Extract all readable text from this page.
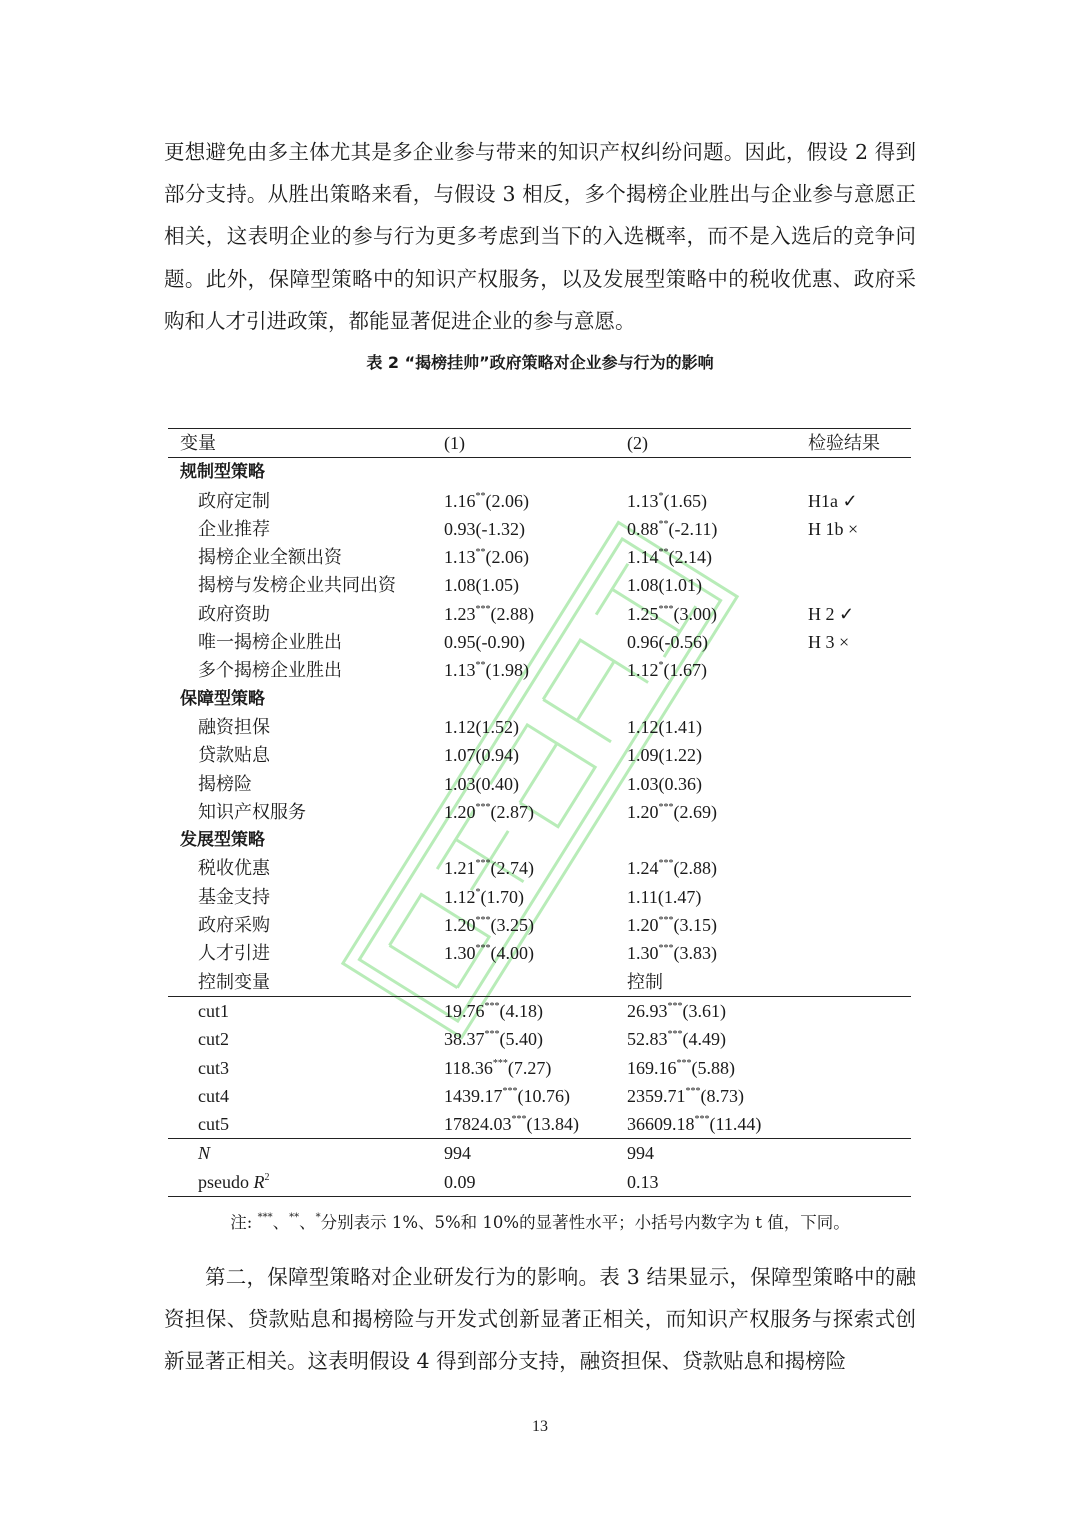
更想避免由多主体尤其是多企业参与带来的知识产权纠纷问题。因此，假设 2 得到部分支持。从胜出策略来看，与假设 3 相反，多个揭榜企业胜出与企业参与意愿正相关，这表明企业的参与行为更多考虑到当下的入选概率，而不是入选后的竞争问题。此外，保障型策略中的知识产权服务，以及发展型策略中的税收优惠、政府采购和人才引进政策，都能显著促进企业的参与意愿。
表 2 “揭榜挂帅”政府策略对企业参与行为的影响
变量	(1)	(2)	检验结果
规制型策略			
政府定制	1.16**(2.06)	1.13*(1.65)	H1a ✓
企业推荐	0.93(-1.32)	0.88**(-2.11)	H 1b ×
揭榜企业全额出资	1.13**(2.06)	1.14**(2.14)	
揭榜与发榜企业共同出资	1.08(1.05)	1.08(1.01)	
政府资助	1.23***(2.88)	1.25***(3.00)	H 2 ✓
唯一揭榜企业胜出	0.95(-0.90)	0.96(-0.56)	H 3 ×
多个揭榜企业胜出	1.13**(1.98)	1.12*(1.67)	
保障型策略			
融资担保	1.12(1.52)	1.12(1.41)	
贷款贴息	1.07(0.94)	1.09(1.22)	
揭榜险	1.03(0.40)	1.03(0.36)	
知识产权服务	1.20***(2.87)	1.20***(2.69)	
发展型策略			
税收优惠	1.21***(2.74)	1.24***(2.88)	
基金支持	1.12*(1.70)	1.11(1.47)	
政府采购	1.20***(3.25)	1.20***(3.15)	
人才引进	1.30***(4.00)	1.30***(3.83)	
控制变量		控制	
cut1	19.76***(4.18)	26.93***(3.61)	
cut2	38.37***(5.40)	52.83***(4.49)	
cut3	118.36***(7.27)	169.16***(5.88)	
cut4	1439.17***(10.76)	2359.71***(8.73)	
cut5	17824.03***(13.84)	36609.18***(11.44)	
N	994	994	
pseudo $R^2$	0.09	0.13	
注: ***、**、*分别表示 1%、5%和 10%的显著性水平；小括号内数字为 t 值，下同。
第二，保障型策略对企业研发行为的影响。表 3 结果显示，保障型策略中的融资担保、贷款贴息和揭榜险与开发式创新显著正相关，而知识产权服务与探索式创新显著正相关。这表明假设 4 得到部分支持，融资担保、贷款贴息和揭榜险
13
